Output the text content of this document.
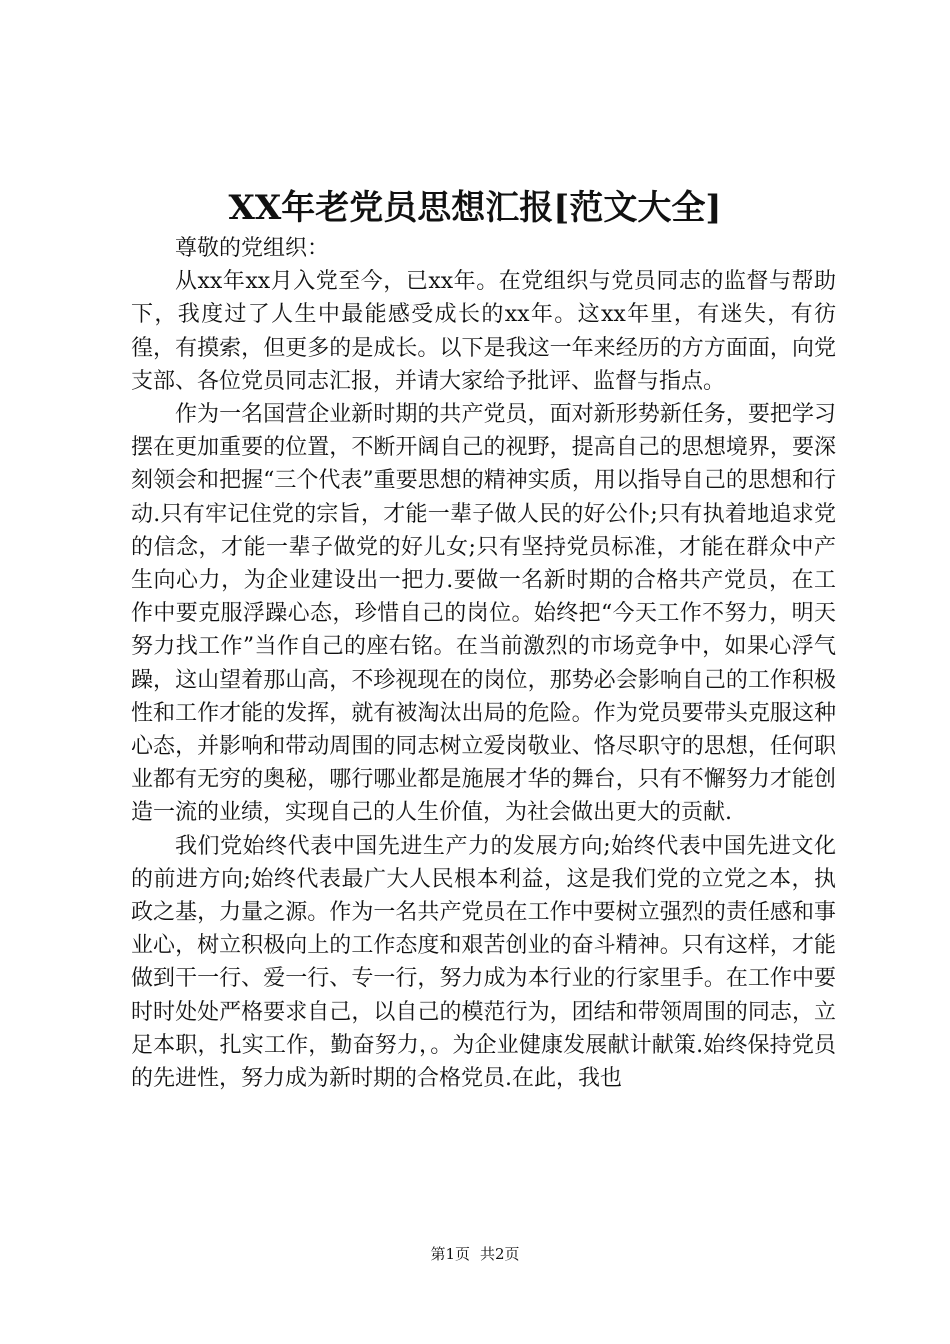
XX年老党员思想汇报[范文大全]

尊敬的党组织：

从xx年xx月入党至今，已xx年。在党组织与党员同志的监督与帮助下，我度过了人生中最能感受成长的xx年。这xx年里，有迷失，有彷徨，有摸索，但更多的是成长。以下是我这一年来经历的方方面面，向党支部、各位党员同志汇报，并请大家给予批评、监督与指点。

作为一名国营企业新时期的共产党员，面对新形势新任务，要把学习摆在更加重要的位置，不断开阔自己的视野，提高自己的思想境界，要深刻领会和把握“三个代表”重要思想的精神实质，用以指导自己的思想和行动.只有牢记住党的宗旨，才能一辈子做人民的好公仆;只有执着地追求党的信念，才能一辈子做党的好儿女;只有坚持党员标准，才能在群众中产生向心力，为企业建设出一把力.要做一名新时期的合格共产党员，在工作中要克服浮躁心态，珍惜自己的岗位。始终把“今天工作不努力，明天努力找工作”当作自己的座右铭。在当前激烈的市场竞争中，如果心浮气躁，这山望着那山高，不珍视现在的岗位，那势必会影响自己的工作积极性和工作才能的发挥，就有被淘汰出局的危险。作为党员要带头克服这种心态，并影响和带动周围的同志树立爱岗敬业、恪尽职守的思想，任何职业都有无穷的奥秘，哪行哪业都是施展才华的舞台，只有不懈努力才能创造一流的业绩，实现自己的人生价值，为社会做出更大的贡献.

我们党始终代表中国先进生产力的发展方向;始终代表中国先进文化的前进方向;始终代表最广大人民根本利益，这是我们党的立党之本，执政之基，力量之源。作为一名共产党员在工作中要树立强烈的责任感和事业心，树立积极向上的工作态度和艰苦创业的奋斗精神。只有这样，才能做到干一行、爱一行、专一行，努力成为本行业的行家里手。在工作中要时时处处严格要求自己，以自己的模范行为，团结和带领周围的同志，立足本职，扎实工作，勤奋努力，。为企业健康发展献计献策.始终保持党员的先进性，努力成为新时期的合格党员.在此，我也

第1页 共2页
